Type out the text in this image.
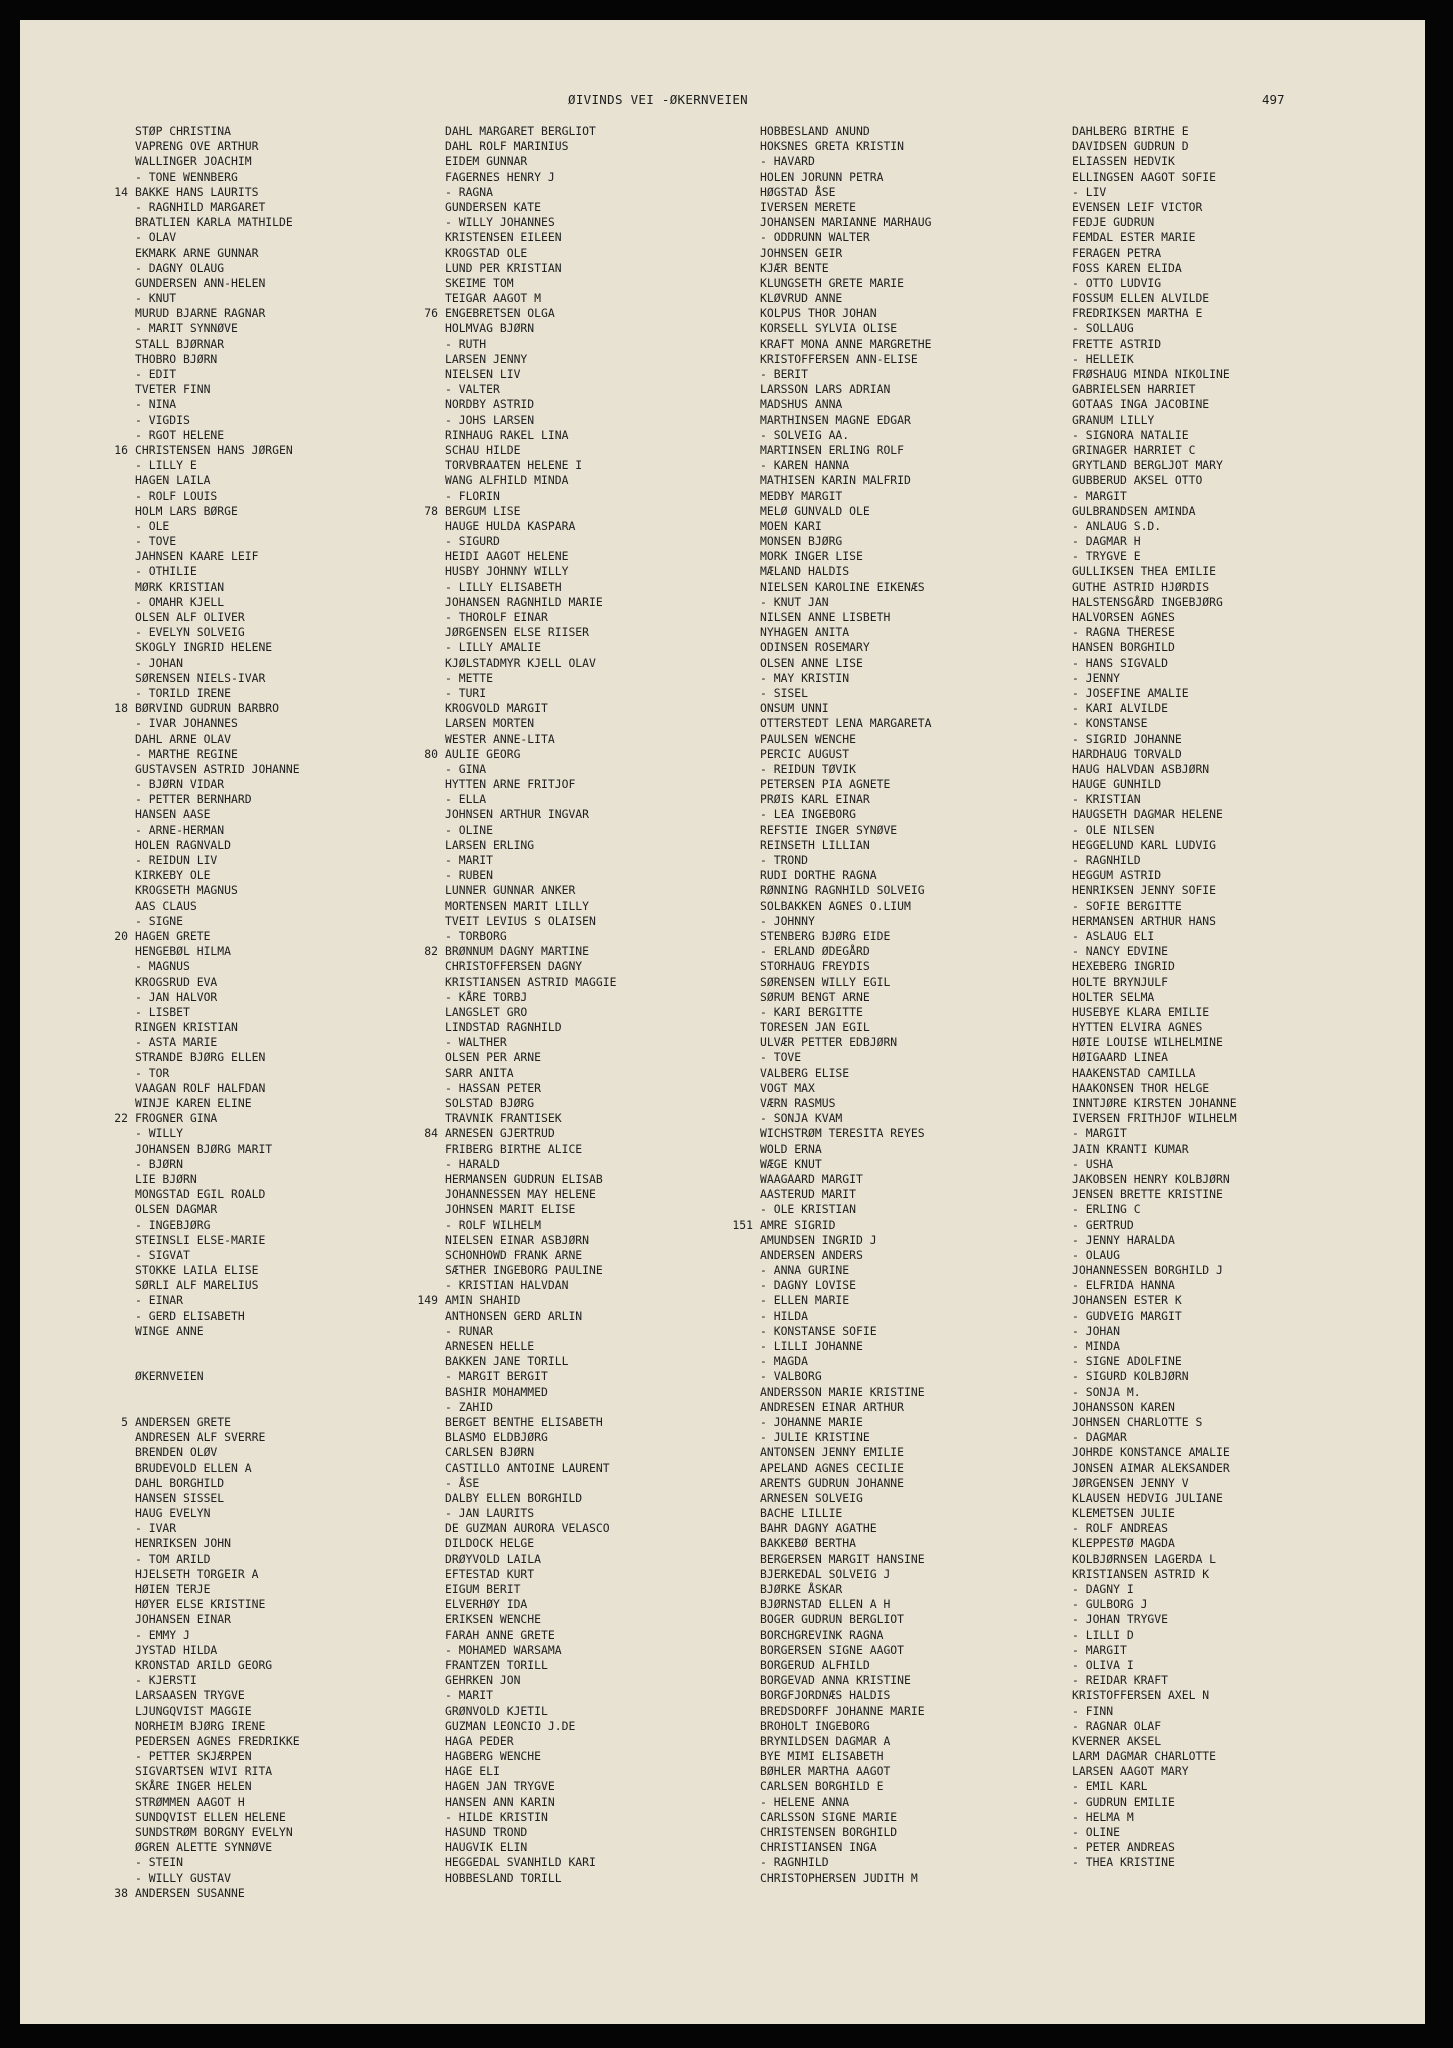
ØIVINDS VEI -ØKERNVEIEN	497
STØP CHRISTINA
VAPRENG OVE ARTHUR
WALLINGER JOACHIM
- TONE WENNBERG
14 BAKKE HANS LAURITS
- RAGNHILD MARGARET
BRATLIEN KARLA MATHILDE
- OLAV
EKMARK ARNE GUNNAR
- DAGNY OLAUG
GUNDERSEN ANN-HELEN
- KNUT
MURUD BJARNE RAGNAR
- MARIT SYNNØVE
STALL BJØRNAR
THOBRO BJØRN
- EDIT
TVETER FINN
- NINA
- VIGDIS
- RGOT HELENE
16 CHRISTENSEN HANS JØRGEN
- LILLY E
HAGEN LAILA
- ROLF LOUIS
HOLM LARS BØRGE
- OLE
- TOVE
JAHNSEN KAARE LEIF
- OTHILIE
MØRK KRISTIAN
- OMAHR KJELL
OLSEN ALF OLIVER
- EVELYN SOLVEIG
SKOGLY INGRID HELENE
- JOHAN
SØRENSEN NIELS-IVAR
- TORILD IRENE
18 BØRVIND GUDRUN BARBRO
- IVAR JOHANNES
DAHL ARNE OLAV
- MARTHE REGINE
GUSTAVSEN ASTRID JOHANNE
- BJØRN VIDAR
- PETTER BERNHARD
HANSEN AASE
- ARNE-HERMAN
HOLEN RAGNVALD
- REIDUN LIV
KIRKEBY OLE
KROGSETH MAGNUS
AAS CLAUS
- SIGNE
20 HAGEN GRETE
HENGEBØL HILMA
- MAGNUS
KROGSRUD EVA
- JAN HALVOR
- LISBET
RINGEN KRISTIAN
- ASTA MARIE
STRANDE BJØRG ELLEN
- TOR
VAAGAN ROLF HALFDAN
WINJE KAREN ELINE
22 FROGNER GINA
- WILLY
JOHANSEN BJØRG MARIT
- BJØRN
LIE BJØRN
MONGSTAD EGIL ROALD
OLSEN DAGMAR
- INGEBJØRG
STEINSLI ELSE-MARIE
- SIGVAT
STOKKE LAILA ELISE
SØRLI ALF MARELIUS
- EINAR
- GERD ELISABETH
WINGE ANNE
ØKERNVEIEN
5 ANDERSEN GRETE
ANDRESEN ALF SVERRE
BRENDEN OLØV
BRUDEVOLD ELLEN A
DAHL BORGHILD
HANSEN SISSEL
HAUG EVELYN
- IVAR
HENRIKSEN JOHN
- TOM ARILD
HJELSETH TORGEIR A
HØIEN TERJE
HØYER ELSE KRISTINE
JOHANSEN EINAR
- EMMY J
JYSTAD HILDA
KRONSTAD ARILD GEORG
- KJERSTI
LARSAASEN TRYGVE
LJUNGQVIST MAGGIE
NORHEIM BJØRG IRENE
PEDERSEN AGNES FREDRIKKE
- PETTER SKJÆRPEN
SIGVARTSEN WIVI RITA
SKÅRE INGER HELEN
STRØMMEN AAGOT H
SUNDQVIST ELLEN HELENE
SUNDSTRØM BORGNY EVELYN
ØGREN ALETTE SYNNØVE
- STEIN
- WILLY GUSTAV
38 ANDERSEN SUSANNE
DAHL MARGARET BERGLIOT
DAHL ROLF MARINIUS
EIDEM GUNNAR
FAGERNES HENRY J
- RAGNA
GUNDERSEN KATE
- WILLY JOHANNES
KRISTENSEN EILEEN
KROGSTAD OLE
LUND PER KRISTIAN
SKEIME TOM
TEIGAR AAGOT M
76 ENGEBRETSEN OLGA
HOLMVAG BJØRN
- RUTH
LARSEN JENNY
NIELSEN LIV
- VALTER
NORDBY ASTRID
- JOHS LARSEN
RINHAUG RAKEL LINA
SCHAU HILDE
TORVBRAATEN HELENE I
WANG ALFHILD MINDA
- FLORIN
78 BERGUM LISE
HAUGE HULDA KASPARA
- SIGURD
HEIDI AAGOT HELENE
HUSBY JOHNNY WILLY
- LILLY ELISABETH
JOHANSEN RAGNHILD MARIE
- THOROLF EINAR
JØRGENSEN ELSE RIISER
- LILLY AMALIE
KJØLSTADMYR KJELL OLAV
- METTE
- TURI
KROGVOLD MARGIT
LARSEN MORTEN
WESTER ANNE-LITA
80 AULIE GEORG
- GINA
HYTTEN ARNE FRITJOF
- ELLA
JOHNSEN ARTHUR INGVAR
- OLINE
LARSEN ERLING
- MARIT
- RUBEN
LUNNER GUNNAR ANKER
MORTENSEN MARIT LILLY
TVEIT LEVIUS S OLAISEN
- TORBORG
82 BRØNNUM DAGNY MARTINE
CHRISTOFFERSEN DAGNY
KRISTIANSEN ASTRID MAGGIE
- KÅRE TORBJ
LANGSLET GRO
LINDSTAD RAGNHILD
- WALTHER
OLSEN PER ARNE
SARR ANITA
- HASSAN PETER
SOLSTAD BJØRG
TRAVNIK FRANTISEK
84 ARNESEN GJERTRUD
FRIBERG BIRTHE ALICE
- HARALD
HERMANSEN GUDRUN ELISAB
JOHANNESSEN MAY HELENE
JOHNSEN MARIT ELISE
- ROLF WILHELM
NIELSEN EINAR ASBJØRN
SCHONHOWD FRANK ARNE
SÆTHER INGEBORG PAULINE
- KRISTIAN HALVDAN
149 AMIN SHAHID
ANTHONSEN GERD ARLIN
- RUNAR
ARNESEN HELLE
BAKKEN JANE TORILL
- MARGIT BERGIT
BASHIR MOHAMMED
- ZAHID
BERGET BENTHE ELISABETH
BLASMO ELDBJØRG
CARLSEN BJØRN
CASTILLO ANTOINE LAURENT
- ÅSE
DALBY ELLEN BORGHILD
- JAN LAURITS
DE GUZMAN AURORA VELASCO
DILDOCK HELGE
DRØYVOLD LAILA
EFTESTAD KURT
EIGUM BERIT
ELVERHØY IDA
ERIKSEN WENCHE
FARAH ANNE GRETE
- MOHAMED WARSAMA
FRANTZEN TORILL
GEHRKEN JON
- MARIT
GRØNVOLD KJETIL
GUZMAN LEONCIO J.DE
HAGA PEDER
HAGBERG WENCHE
HAGE ELI
HAGEN JAN TRYGVE
HANSEN ANN KARIN
- HILDE KRISTIN
HASUND TROND
HAUGVIK ELIN
HEGGEDAL SVANHILD KARI
HOBBESLAND TORILL
HOBBESLAND ANUND
HOKSNES GRETA KRISTIN
- HAVARD
HOLEN JORUNN PETRA
HØGSTAD ÅSE
IVERSEN MERETE
JOHANSEN MARIANNE MARHAUG
- ODDRUNN WALTER
JOHNSEN GEIR
KJÆR BENTE
KLUNGSETH GRETE MARIE
KLØVRUD ANNE
KOLPUS THOR JOHAN
KORSELL SYLVIA OLISE
KRAFT MONA ANNE MARGRETHE
KRISTOFFERSEN ANN-ELISE
- BERIT
LARSSON LARS ADRIAN
MADSHUS ANNA
MARTHINSEN MAGNE EDGAR
- SOLVEIG AA.
MARTINSEN ERLING ROLF
- KAREN HANNA
MATHISEN KARIN MALFRID
MEDBY MARGIT
MELØ GUNVALD OLE
MOEN KARI
MONSEN BJØRG
MORK INGER LISE
MÆLAND HALDIS
NIELSEN KAROLINE EIKENÆS
- KNUT JAN
NILSEN ANNE LISBETH
NYHAGEN ANITA
ODINSEN ROSEMARY
OLSEN ANNE LISE
- MAY KRISTIN
- SISEL
ONSUM UNNI
OTTERSTEDT LENA MARGARETA
PAULSEN WENCHE
PERCIC AUGUST
- REIDUN TØVIK
PETERSEN PIA AGNETE
PRØIS KARL EINAR
- LEA INGEBORG
REFSTIE INGER SYNØVE
REINSETH LILLIAN
- TROND
RUDI DORTHE RAGNA
RØNNING RAGNHILD SOLVEIG
SOLBAKKEN AGNES O.LIUM
- JOHNNY
STENBERG BJØRG EIDE
- ERLAND ØDEGÅRD
STORHAUG FREYDIS
SØRENSEN WILLY EGIL
SØRUM BENGT ARNE
- KARI BERGITTE
TORESEN JAN EGIL
ULVÆR PETTER EDBJØRN
- TOVE
VALBERG ELISE
VOGT MAX
VÆRN RASMUS
- SONJA KVAM
WICHSTRØM TERESITA REYES
WOLD ERNA
WÆGE KNUT
WAAGAARD MARGIT
AASTERUD MARIT
- OLE KRISTIAN
151 AMRE SIGRID
AMUNDSEN INGRID J
ANDERSEN ANDERS
- ANNA GURINE
- DAGNY LOVISE
- ELLEN MARIE
- HILDA
- KONSTANSE SOFIE
- LILLI JOHANNE
- MAGDA
- VALBORG
ANDERSSON MARIE KRISTINE
ANDRESEN EINAR ARTHUR
- JOHANNE MARIE
- JULIE KRISTINE
ANTONSEN JENNY EMILIE
APELAND AGNES CECILIE
ARENTS GUDRUN JOHANNE
ARNESEN SOLVEIG
BACHE LILLIE
BAHR DAGNY AGATHE
BAKKEBØ BERTHA
BERGERSEN MARGIT HANSINE
BJERKEDAL SOLVEIG J
BJØRKE ÅSKAR
BJØRNSTAD ELLEN A H
BOGER GUDRUN BERGLIOT
BORCHGREVINK RAGNA
BORGERSEN SIGNE AAGOT
BORGERUD ALFHILD
BORGEVAD ANNA KRISTINE
BORGFJORDNÆS HALDIS
BREDSDORFF JOHANNE MARIE
BROHOLT INGEBORG
BRYNILDSEN DAGMAR A
BYE MIMI ELISABETH
BØHLER MARTHA AAGOT
CARLSEN BORGHILD E
- HELENE ANNA
CARLSSON SIGNE MARIE
CHRISTENSEN BORGHILD
CHRISTIANSEN INGA
- RAGNHILD
CHRISTOPHERSEN JUDITH M
DAHLBERG BIRTHE E
DAVIDSEN GUDRUN D
ELIASSEN HEDVIK
ELLINGSEN AAGOT SOFIE
- LIV
EVENSEN LEIF VICTOR
FEDJE GUDRUN
FEMDAL ESTER MARIE
FERAGEN PETRA
FOSS KAREN ELIDA
- OTTO LUDVIG
FOSSUM ELLEN ALVILDE
FREDRIKSEN MARTHA E
- SOLLAUG
FRETTE ASTRID
- HELLEIK
FRØSHAUG MINDA NIKOLINE
GABRIELSEN HARRIET
GOTAAS INGA JACOBINE
GRANUM LILLY
- SIGNORA NATALIE
GRINAGER HARRIET C
GRYTLAND BERGLJOT MARY
GUBBERUD AKSEL OTTO
- MARGIT
GULBRANDSEN AMINDA
- ANLAUG S.D.
- DAGMAR H
- TRYGVE E
GULLIKSEN THEA EMILIE
GUTHE ASTRID HJØRDIS
HALSTENSGÅRD INGEBJØRG
HALVORSEN AGNES
- RAGNA THERESE
HANSEN BORGHILD
- HANS SIGVALD
- JENNY
- JOSEFINE AMALIE
- KARI ALVILDE
- KONSTANSE
- SIGRID JOHANNE
HARDHAUG TORVALD
HAUG HALVDAN ASBJØRN
HAUGE GUNHILD
- KRISTIAN
HAUGSETH DAGMAR HELENE
- OLE NILSEN
HEGGELUND KARL LUDVIG
- RAGNHILD
HEGGUM ASTRID
HENRIKSEN JENNY SOFIE
- SOFIE BERGITTE
HERMANSEN ARTHUR HANS
- ASLAUG ELI
- NANCY EDVINE
HEXEBERG INGRID
HOLTE BRYNJULF
HOLTER SELMA
HUSEBYE KLARA EMILIE
HYTTEN ELVIRA AGNES
HØIE LOUISE WILHELMINE
HØIGAARD LINEA
HAAKENSTAD CAMILLA
HAAKONSEN THOR HELGE
INNTJØRE KIRSTEN JOHANNE
IVERSEN FRITHJOF WILHELM
- MARGIT
JAIN KRANTI KUMAR
- USHA
JAKOBSEN HENRY KOLBJØRN
JENSEN BRETTE KRISTINE
- ERLING C
- GERTRUD
- JENNY HARALDA
- OLAUG
JOHANNESSEN BORGHILD J
- ELFRIDA HANNA
JOHANSEN ESTER K
- GUDVEIG MARGIT
- JOHAN
- MINDA
- SIGNE ADOLFINE
- SIGURD KOLBJØRN
- SONJA M.
JOHANSSON KAREN
JOHNSEN CHARLOTTE S
- DAGMAR
JOHRDE KONSTANCE AMALIE
JONSEN AIMAR ALEKSANDER
JØRGENSEN JENNY V
KLAUSEN HEDVIG JULIANE
KLEMETSEN JULIE
- ROLF ANDREAS
KLEPPESTØ MAGDA
KOLBJØRNSEN LAGERDA L
KRISTIANSEN ASTRID K
- DAGNY I
- GULBORG J
- JOHAN TRYGVE
- LILLI D
- MARGIT
- OLIVA I
- REIDAR KRAFT
KRISTOFFERSEN AXEL N
- FINN
- RAGNAR OLAF
KVERNER AKSEL
LARM DAGMAR CHARLOTTE
LARSEN AAGOT MARY
- EMIL KARL
- GUDRUN EMILIE
- HELMA M
- OLINE
- PETER ANDREAS
- THEA KRISTINE
